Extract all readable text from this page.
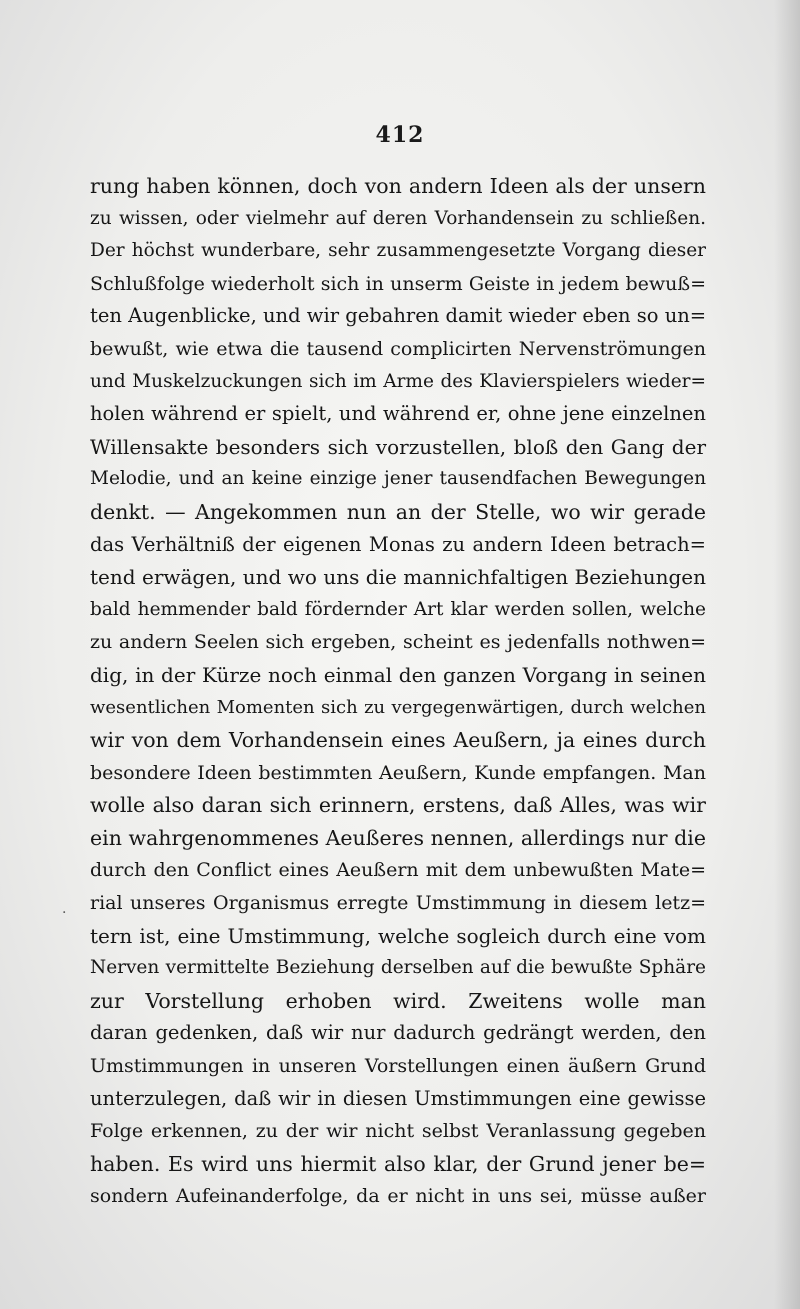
412
rung haben können, doch von andern Ideen als der unsern
zu wissen, oder vielmehr auf deren Vorhandensein zu schließen.
Der höchst wunderbare, sehr zusammengesetzte Vorgang dieser
Schlußfolge wiederholt sich in unserm Geiste in jedem bewuß=
ten Augenblicke, und wir gebahren damit wieder eben so un=
bewußt, wie etwa die tausend complicirten Nervenströmungen
und Muskelzuckungen sich im Arme des Klavierspielers wieder=
holen während er spielt, und während er, ohne jene einzelnen
Willensakte besonders sich vorzustellen, bloß den Gang der
Melodie, und an keine einzige jener tausendfachen Bewegungen
denkt. — Angekommen nun an der Stelle, wo wir gerade
das Verhältniß der eigenen Monas zu andern Ideen betrach=
tend erwägen, und wo uns die mannichfaltigen Beziehungen
bald hemmender bald fördernder Art klar werden sollen, welche
zu andern Seelen sich ergeben, scheint es jedenfalls nothwen=
dig, in der Kürze noch einmal den ganzen Vorgang in seinen
wesentlichen Momenten sich zu vergegenwärtigen, durch welchen
wir von dem Vorhandensein eines Aeußern, ja eines durch
besondere Ideen bestimmten Aeußern, Kunde empfangen. Man
wolle also daran sich erinnern, erstens, daß Alles, was wir
ein wahrgenommenes Aeußeres nennen, allerdings nur die
durch den Conflict eines Aeußern mit dem unbewußten Mate=
rial unseres Organismus erregte Umstimmung in diesem letz=
tern ist, eine Umstimmung, welche sogleich durch eine vom
Nerven vermittelte Beziehung derselben auf die bewußte Sphäre
zur Vorstellung erhoben wird. Zweitens wolle man
daran gedenken, daß wir nur dadurch gedrängt werden, den
Umstimmungen in unseren Vorstellungen einen äußern Grund
unterzulegen, daß wir in diesen Umstimmungen eine gewisse
Folge erkennen, zu der wir nicht selbst Veranlassung gegeben
haben. Es wird uns hiermit also klar, der Grund jener be=
sondern Aufeinanderfolge, da er nicht in uns sei, müsse außer
·
